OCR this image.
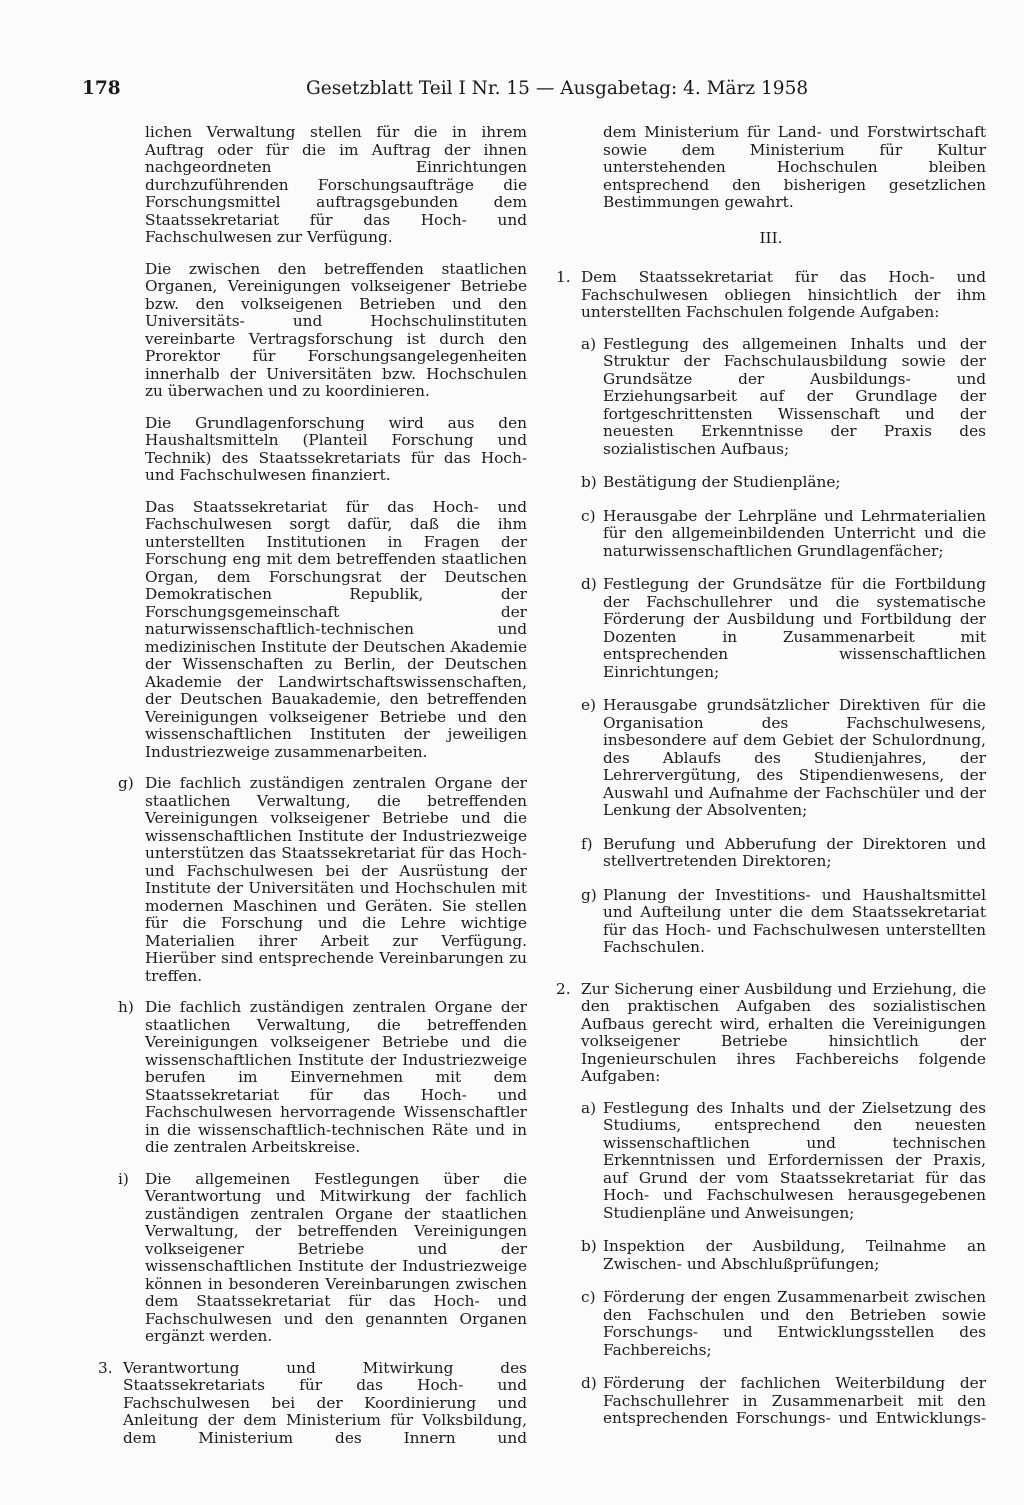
178	Gesetzblatt Teil I Nr. 15 — Ausgabetag: 4. März 1958

lichen Verwaltung stellen für die in ihrem Auftrag oder für die im Auftrag der ihnen nachgeordneten Einrichtungen durchzuführenden Forschungsaufträge die Forschungsmittel auftragsgebunden dem Staatssekretariat für das Hoch- und Fachschulwesen zur Verfügung.

Die zwischen den betreffenden staatlichen Organen, Vereinigungen volkseigener Betriebe bzw. den volkseigenen Betrieben und den Universitäts- und Hochschulinstituten vereinbarte Vertragsforschung ist durch den Prorektor für Forschungsangelegenheiten innerhalb der Universitäten bzw. Hochschulen zu überwachen und zu koordinieren.

Die Grundlagenforschung wird aus den Haushaltsmitteln (Planteil Forschung und Technik) des Staatssekretariats für das Hoch- und Fachschulwesen finanziert.

Das Staatssekretariat für das Hoch- und Fachschulwesen sorgt dafür, daß die ihm unterstellten Institutionen in Fragen der Forschung eng mit dem betreffenden staatlichen Organ, dem Forschungsrat der Deutschen Demokratischen Republik, der Forschungsgemeinschaft der naturwissenschaftlich-technischen und medizinischen Institute der Deutschen Akademie der Wissenschaften zu Berlin, der Deutschen Akademie der Landwirtschaftswissenschaften, der Deutschen Bauakademie, den betreffenden Vereinigungen volkseigener Betriebe und den wissenschaftlichen Instituten der jeweiligen Industriezweige zusammenarbeiten.

g) Die fachlich zuständigen zentralen Organe der staatlichen Verwaltung, die betreffenden Vereinigungen volkseigener Betriebe und die wissenschaftlichen Institute der Industriezweige unterstützen das Staatssekretariat für das Hoch- und Fachschulwesen bei der Ausrüstung der Institute der Universitäten und Hochschulen mit modernen Maschinen und Geräten. Sie stellen für die Forschung und die Lehre wichtige Materialien ihrer Arbeit zur Verfügung. Hierüber sind entsprechende Vereinbarungen zu treffen.
h) Die fachlich zuständigen zentralen Organe der staatlichen Verwaltung, die betreffenden Vereinigungen volkseigener Betriebe und die wissenschaftlichen Institute der Industriezweige berufen im Einvernehmen mit dem Staatssekretariat für das Hoch- und Fachschulwesen hervorragende Wissenschaftler in die wissenschaftlich-technischen Räte und in die zentralen Arbeitskreise.
i) Die allgemeinen Festlegungen über die Verantwortung und Mitwirkung der fachlich zuständigen zentralen Organe der staatlichen Verwaltung, der betreffenden Vereinigungen volkseigener Betriebe und der wissenschaftlichen Institute der Industriezweige können in besonderen Vereinbarungen zwischen dem Staatssekretariat für das Hoch- und Fachschulwesen und den genannten Organen ergänzt werden.
3. Verantwortung und Mitwirkung des Staatssekretariats für das Hoch- und Fachschulwesen bei der Koordinierung und Anleitung der dem Ministerium für Volksbildung, dem Ministerium des Innern und

dem Ministerium für Land- und Forstwirtschaft sowie dem Ministerium für Kultur unterstehenden Hochschulen bleiben entsprechend den bisherigen gesetzlichen Bestimmungen gewahrt.

III.
1. Dem Staatssekretariat für das Hoch- und Fachschulwesen obliegen hinsichtlich der ihm unterstellten Fachschulen folgende Aufgaben:
a) Festlegung des allgemeinen Inhalts und der Struktur der Fachschulausbildung sowie der Grundsätze der Ausbildungs- und Erziehungsarbeit auf der Grundlage der fortgeschrittensten Wissenschaft und der neuesten Erkenntnisse der Praxis des sozialistischen Aufbaus;
b) Bestätigung der Studienpläne;
c) Herausgabe der Lehrpläne und Lehrmaterialien für den allgemeinbildenden Unterricht und die naturwissenschaftlichen Grundlagenfächer;
d) Festlegung der Grundsätze für die Fortbildung der Fachschullehrer und die systematische Förderung der Ausbildung und Fortbildung der Dozenten in Zusammenarbeit mit entsprechenden wissenschaftlichen Einrichtungen;
e) Herausgabe grundsätzlicher Direktiven für die Organisation des Fachschulwesens, insbesondere auf dem Gebiet der Schulordnung, des Ablaufs des Studienjahres, der Lehrervergütung, des Stipendienwesens, der Auswahl und Aufnahme der Fachschüler und der Lenkung der Absolventen;
f) Berufung und Abberufung der Direktoren und stellvertretenden Direktoren;
g) Planung der Investitions- und Haushaltsmittel und Aufteilung unter die dem Staatssekretariat für das Hoch- und Fachschulwesen unterstellten Fachschulen.
2. Zur Sicherung einer Ausbildung und Erziehung, die den praktischen Aufgaben des sozialistischen Aufbaus gerecht wird, erhalten die Vereinigungen volkseigener Betriebe hinsichtlich der Ingenieurschulen ihres Fachbereichs folgende Aufgaben:
a) Festlegung des Inhalts und der Zielsetzung des Studiums, entsprechend den neuesten wissenschaftlichen und technischen Erkenntnissen und Erfordernissen der Praxis, auf Grund der vom Staatssekretariat für das Hoch- und Fachschulwesen herausgegebenen Studienpläne und Anweisungen;
b) Inspektion der Ausbildung, Teilnahme an Zwischen- und Abschlußprüfungen;
c) Förderung der engen Zusammenarbeit zwischen den Fachschulen und den Betrieben sowie Forschungs- und Entwicklungsstellen des Fachbereichs;
d) Förderung der fachlichen Weiterbildung der Fachschullehrer in Zusammenarbeit mit den entsprechenden Forschungs- und Entwicklungs-
